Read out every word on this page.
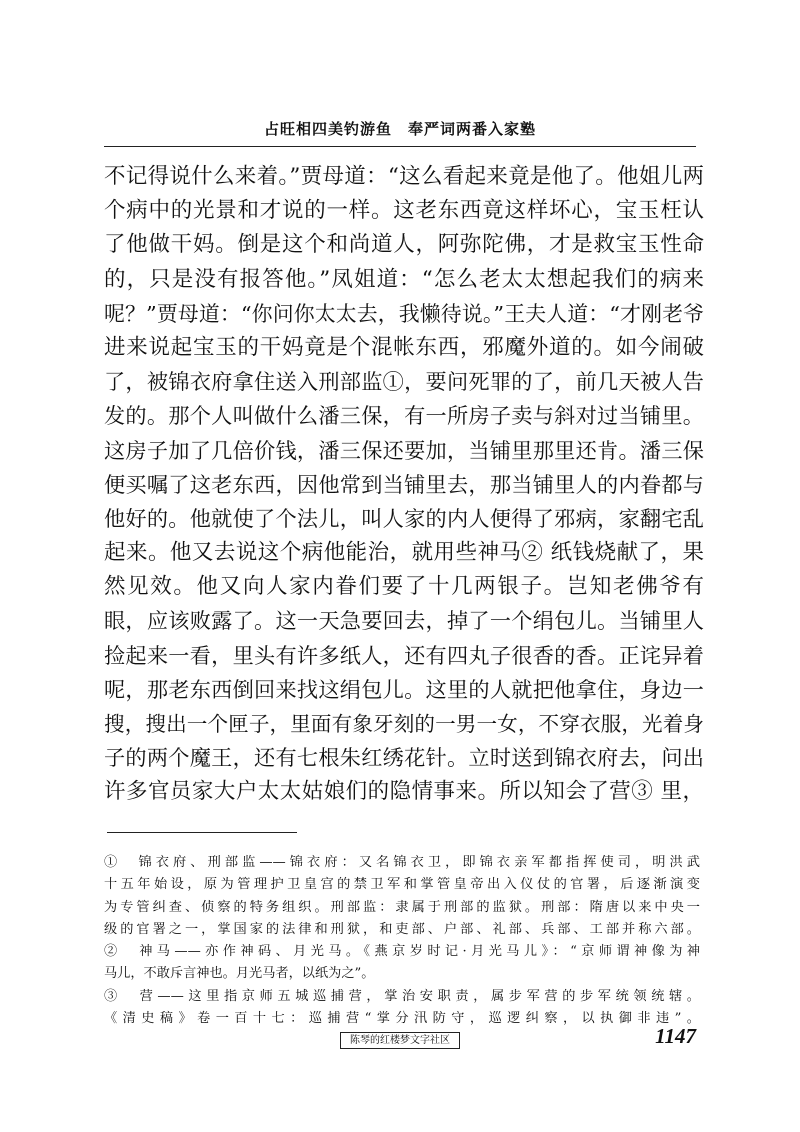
占旺相四美钓游鱼　奉严词两番入家塾
不记得说什么来着。”贾母道：“这么看起来竟是他了。他姐儿两
个病中的光景和才说的一样。这老东西竟这样坏心，宝玉枉认
了他做干妈。倒是这个和尚道人，阿弥陀佛，才是救宝玉性命
的，只是没有报答他。”凤姐道：“怎么老太太想起我们的病来
呢？”贾母道：“你问你太太去，我懒待说。”王夫人道：“才刚老爷
进来说起宝玉的干妈竟是个混帐东西，邪魔外道的。如今闹破
了，被锦衣府拿住送入刑部监①，要问死罪的了，前几天被人告
发的。那个人叫做什么潘三保，有一所房子卖与斜对过当铺里。
这房子加了几倍价钱，潘三保还要加，当铺里那里还肯。潘三保
便买嘱了这老东西，因他常到当铺里去，那当铺里人的内眷都与
他好的。他就使了个法儿，叫人家的内人便得了邪病，家翻宅乱
起来。他又去说这个病他能治，就用些神马② 纸钱烧献了，果
然见效。他又向人家内眷们要了十几两银子。岂知老佛爷有
眼，应该败露了。这一天急要回去，掉了一个绢包儿。当铺里人
捡起来一看，里头有许多纸人，还有四丸子很香的香。正诧异着
呢，那老东西倒回来找这绢包儿。这里的人就把他拿住，身边一
搜，搜出一个匣子，里面有象牙刻的一男一女，不穿衣服，光着身
子的两个魔王，还有七根朱红绣花针。立时送到锦衣府去，问出
许多官员家大户太太姑娘们的隐情事来。所以知会了营③ 里，
①　锦衣府、刑部监——锦衣府：又名锦衣卫，即锦衣亲军都指挥使司，明洪武
十五年始设，原为管理护卫皇宫的禁卫军和掌管皇帝出入仪仗的官署，后逐渐演变
为专管纠查、侦察的特务组织。刑部监：隶属于刑部的监狱。刑部：隋唐以来中央一
级的官署之一，掌国家的法律和刑狱，和吏部、户部、礼部、兵部、工部并称六部。
②　神马——亦作神码、月光马。《燕京岁时记·月光马儿》：“京师谓神像为神
马儿，不敢斥言神也。月光马者，以纸为之”。
③　营——这里指京师五城巡捕营，掌治安职责，属步军营的步军统领统辖。
《清史稿》卷一百十七：巡捕营“掌分汛防守，巡逻纠察，以执御非违”。
陈琴的红楼梦文字社区	1147
